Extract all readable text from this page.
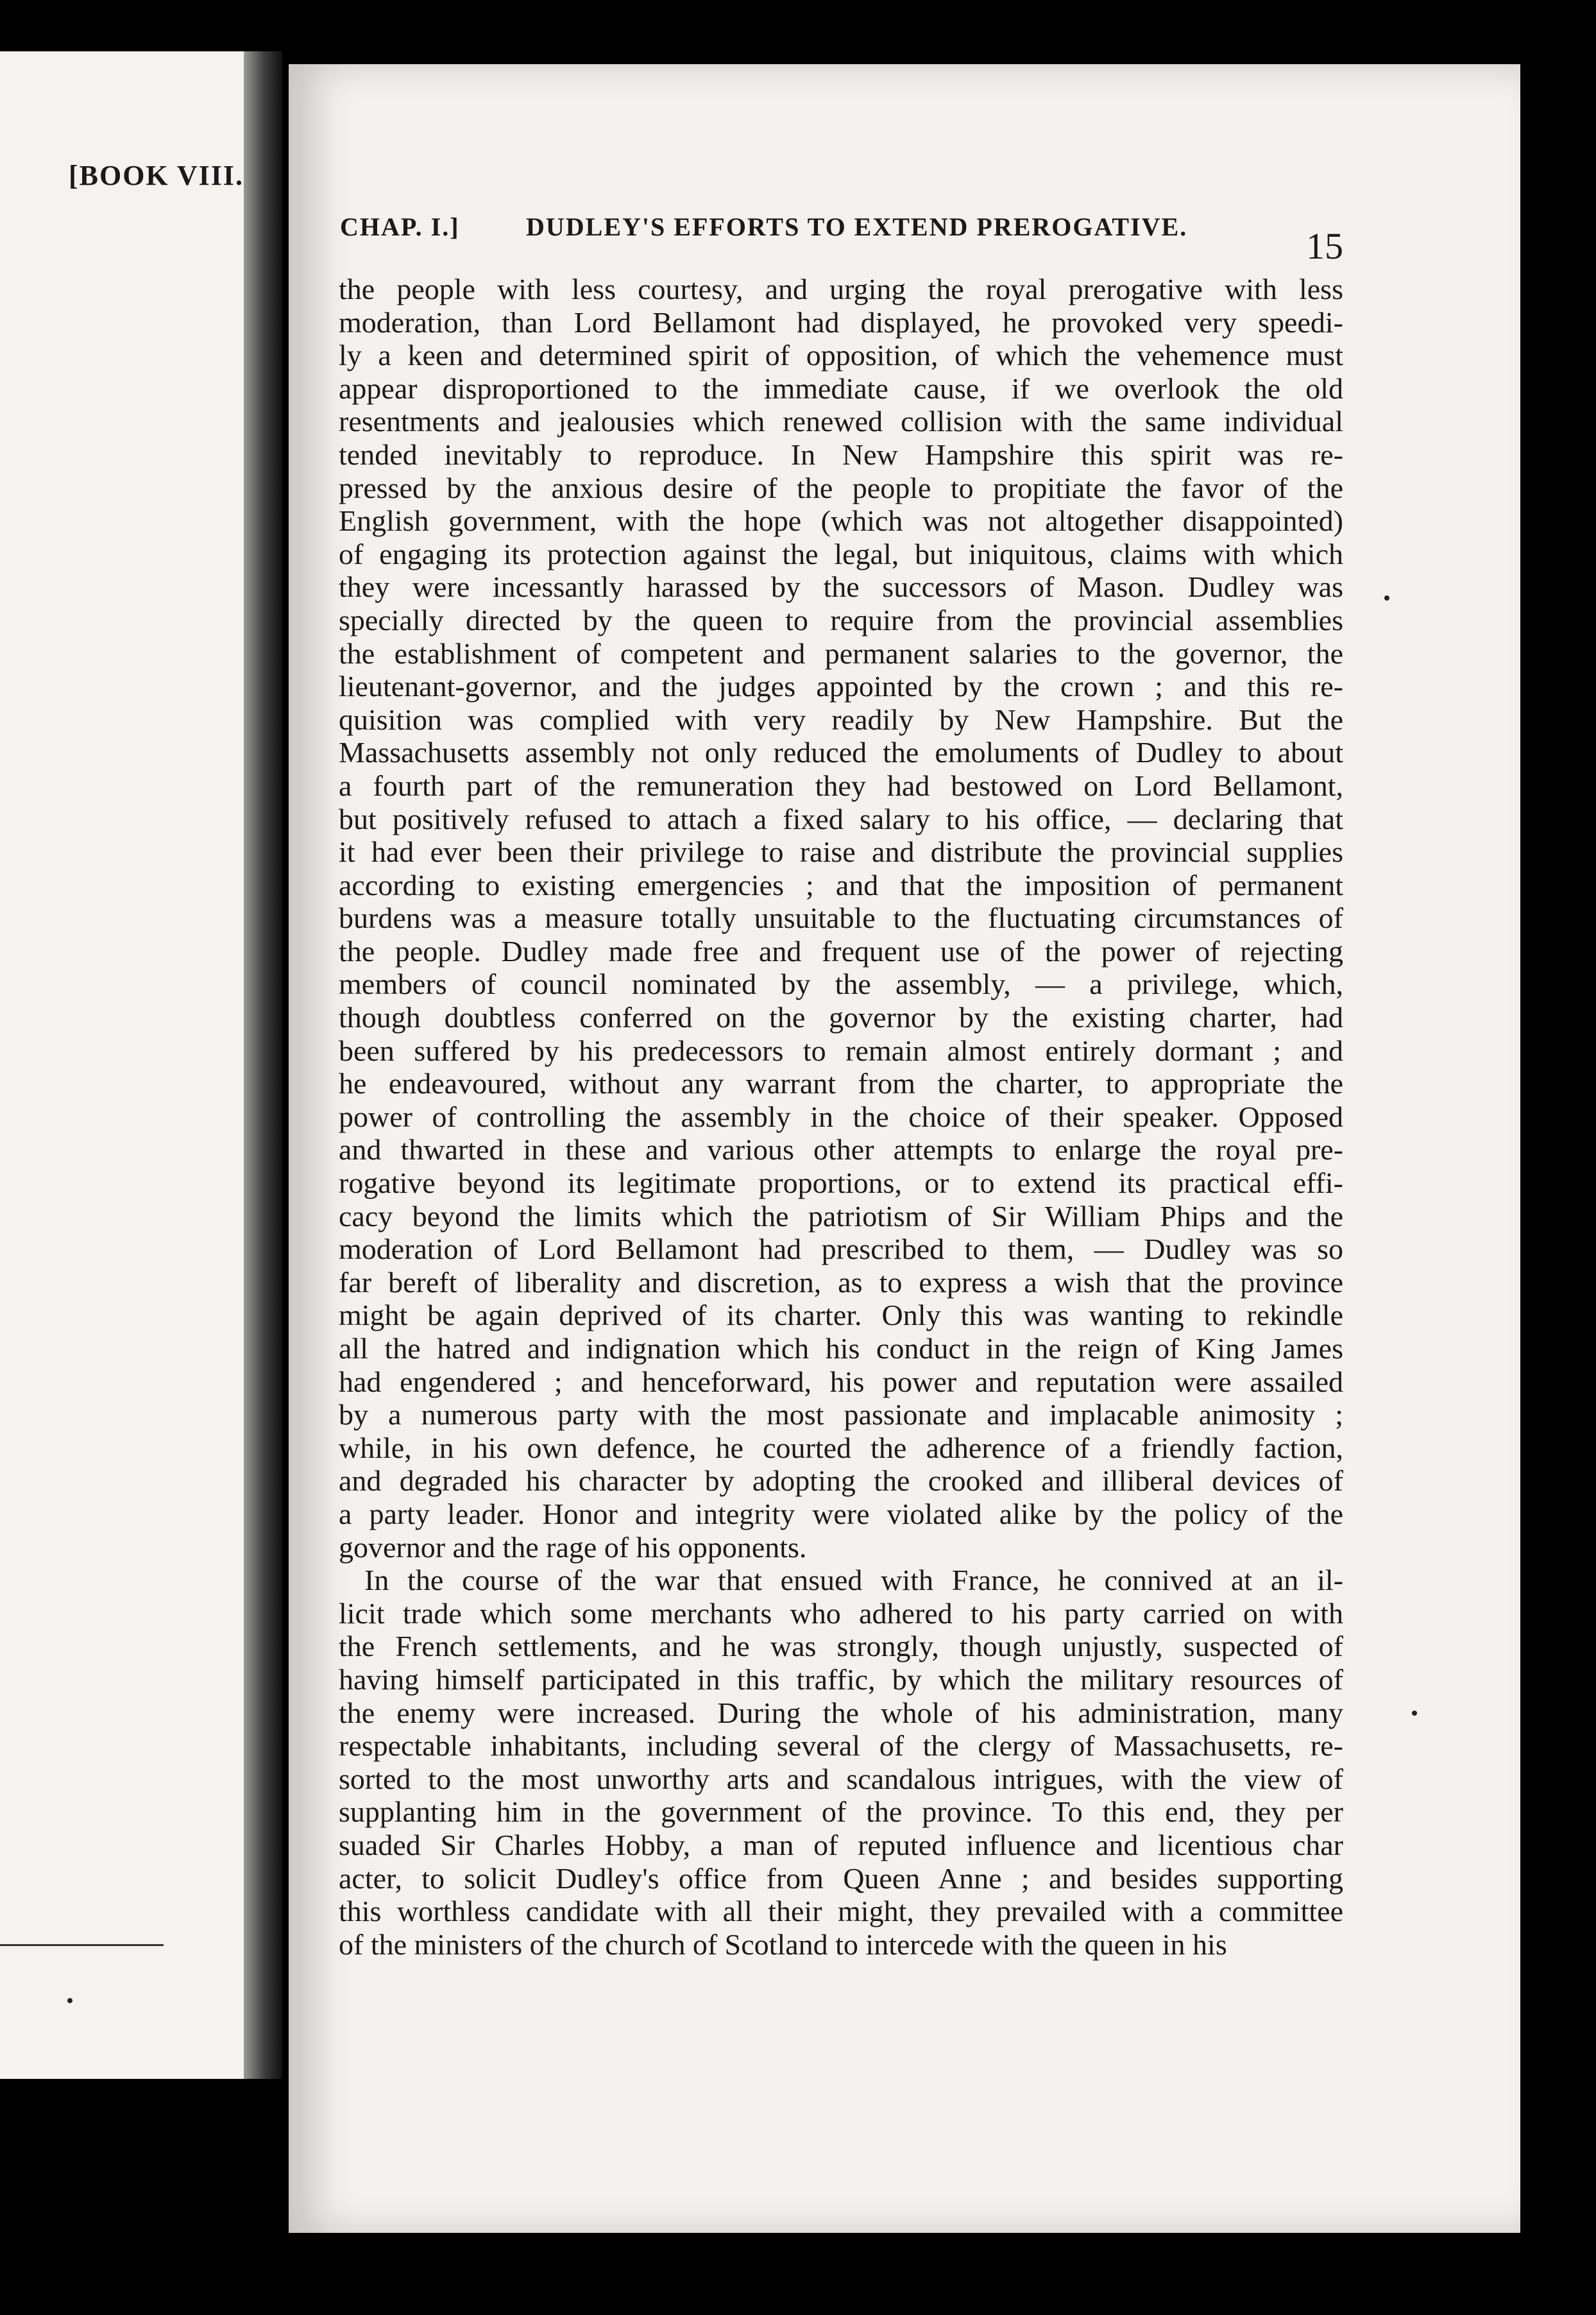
[BOOK VIII.
CHAP. I.]	DUDLEY'S EFFORTS TO EXTEND PREROGATIVE.	15
the people with less courtesy, and urging the royal prerogative with less
moderation, than Lord Bellamont had displayed, he provoked very speedi-
ly a keen and determined spirit of opposition, of which the vehemence must
appear disproportioned to the immediate cause, if we overlook the old
resentments and jealousies which renewed collision with the same individual
tended inevitably to reproduce. In New Hampshire this spirit was re-
pressed by the anxious desire of the people to propitiate the favor of the
English government, with the hope (which was not altogether disappointed)
of engaging its protection against the legal, but iniquitous, claims with which
they were incessantly harassed by the successors of Mason. Dudley was
specially directed by the queen to require from the provincial assemblies
the establishment of competent and permanent salaries to the governor, the
lieutenant-governor, and the judges appointed by the crown ; and this re-
quisition was complied with very readily by New Hampshire. But the
Massachusetts assembly not only reduced the emoluments of Dudley to about
a fourth part of the remuneration they had bestowed on Lord Bellamont,
but positively refused to attach a fixed salary to his office, — declaring that
it had ever been their privilege to raise and distribute the provincial supplies
according to existing emergencies ; and that the imposition of permanent
burdens was a measure totally unsuitable to the fluctuating circumstances of
the people. Dudley made free and frequent use of the power of rejecting
members of council nominated by the assembly, — a privilege, which,
though doubtless conferred on the governor by the existing charter, had
been suffered by his predecessors to remain almost entirely dormant ; and
he endeavoured, without any warrant from the charter, to appropriate the
power of controlling the assembly in the choice of their speaker. Opposed
and thwarted in these and various other attempts to enlarge the royal pre-
rogative beyond its legitimate proportions, or to extend its practical effi-
cacy beyond the limits which the patriotism of Sir William Phips and the
moderation of Lord Bellamont had prescribed to them, — Dudley was so
far bereft of liberality and discretion, as to express a wish that the province
might be again deprived of its charter. Only this was wanting to rekindle
all the hatred and indignation which his conduct in the reign of King James
had engendered ; and henceforward, his power and reputation were assailed
by a numerous party with the most passionate and implacable animosity ;
while, in his own defence, he courted the adherence of a friendly faction,
and degraded his character by adopting the crooked and illiberal devices of
a party leader. Honor and integrity were violated alike by the policy of the
governor and the rage of his opponents.
In the course of the war that ensued with France, he connived at an il-
licit trade which some merchants who adhered to his party carried on with
the French settlements, and he was strongly, though unjustly, suspected of
having himself participated in this traffic, by which the military resources of
the enemy were increased. During the whole of his administration, many
respectable inhabitants, including several of the clergy of Massachusetts, re-
sorted to the most unworthy arts and scandalous intrigues, with the view of
supplanting him in the government of the province. To this end, they per
suaded Sir Charles Hobby, a man of reputed influence and licentious char
acter, to solicit Dudley's office from Queen Anne ; and besides supporting
this worthless candidate with all their might, they prevailed with a committee
of the ministers of the church of Scotland to intercede with the queen in his
